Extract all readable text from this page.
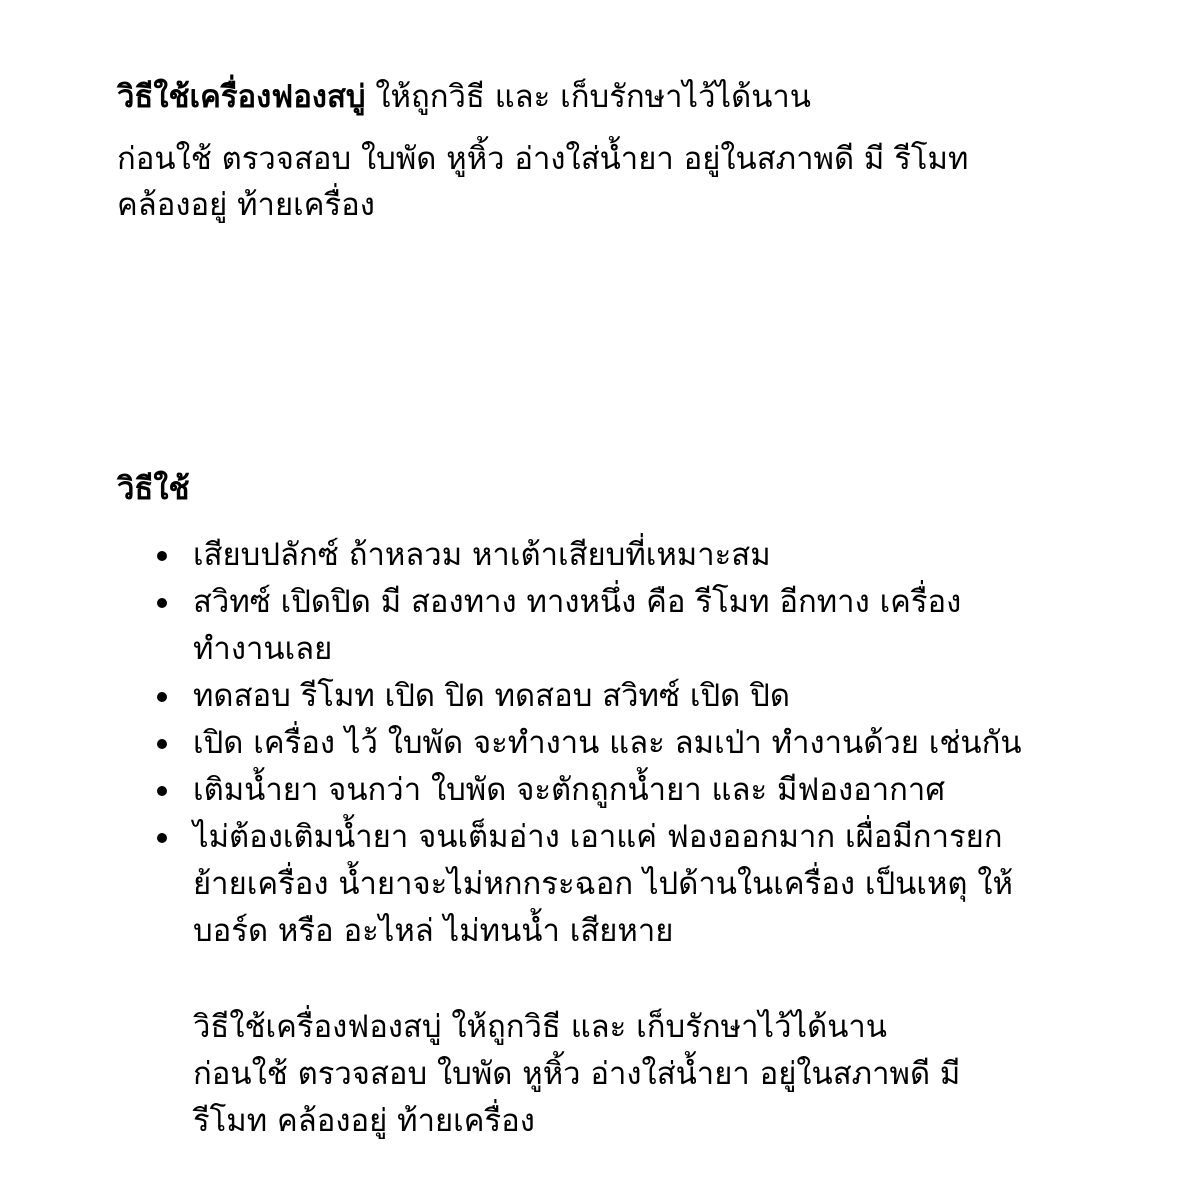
วิธีใช้เครื่องฟองสบู่ ให้ถูกวิธี และ เก็บรักษาไว้ได้นาน

ก่อนใช้ ตรวจสอบ ใบพัด หูหิ้ว อ่างใส่น้ำยา อยู่ในสภาพดี มี รีโมท

คล้องอยู่ ท้ายเครื่อง

วิธีใช้
เสียบปลักซ์ ถ้าหลวม หาเต้าเสียบที่เหมาะสม
สวิทซ์ เปิดปิด มี สองทาง ทางหนึ่ง คือ รีโมท อีกทาง เครื่อง
ทำงานเลย
ทดสอบ รีโมท เปิด ปิด ทดสอบ สวิทซ์ เปิด ปิด
เปิด เครื่อง ไว้ ใบพัด จะทำงาน และ ลมเป่า ทำงานด้วย เช่นกัน
เติมน้ำยา จนกว่า ใบพัด จะตักถูกน้ำยา และ มีฟองอากาศ
ไม่ต้องเติมน้ำยา จนเต็มอ่าง เอาแค่ ฟองออกมาก เผื่อมีการยก
ย้ายเครื่อง น้ำยาจะไม่หกกระฉอก ไปด้านในเครื่อง เป็นเหตุ ให้
บอร์ด หรือ อะไหล่ ไม่ทนน้ำ เสียหาย

วิธีใช้เครื่องฟองสบู่ ให้ถูกวิธี และ เก็บรักษาไว้ได้นาน

ก่อนใช้ ตรวจสอบ ใบพัด หูหิ้ว อ่างใส่น้ำยา อยู่ในสภาพดี มี

รีโมท คล้องอยู่ ท้ายเครื่อง
